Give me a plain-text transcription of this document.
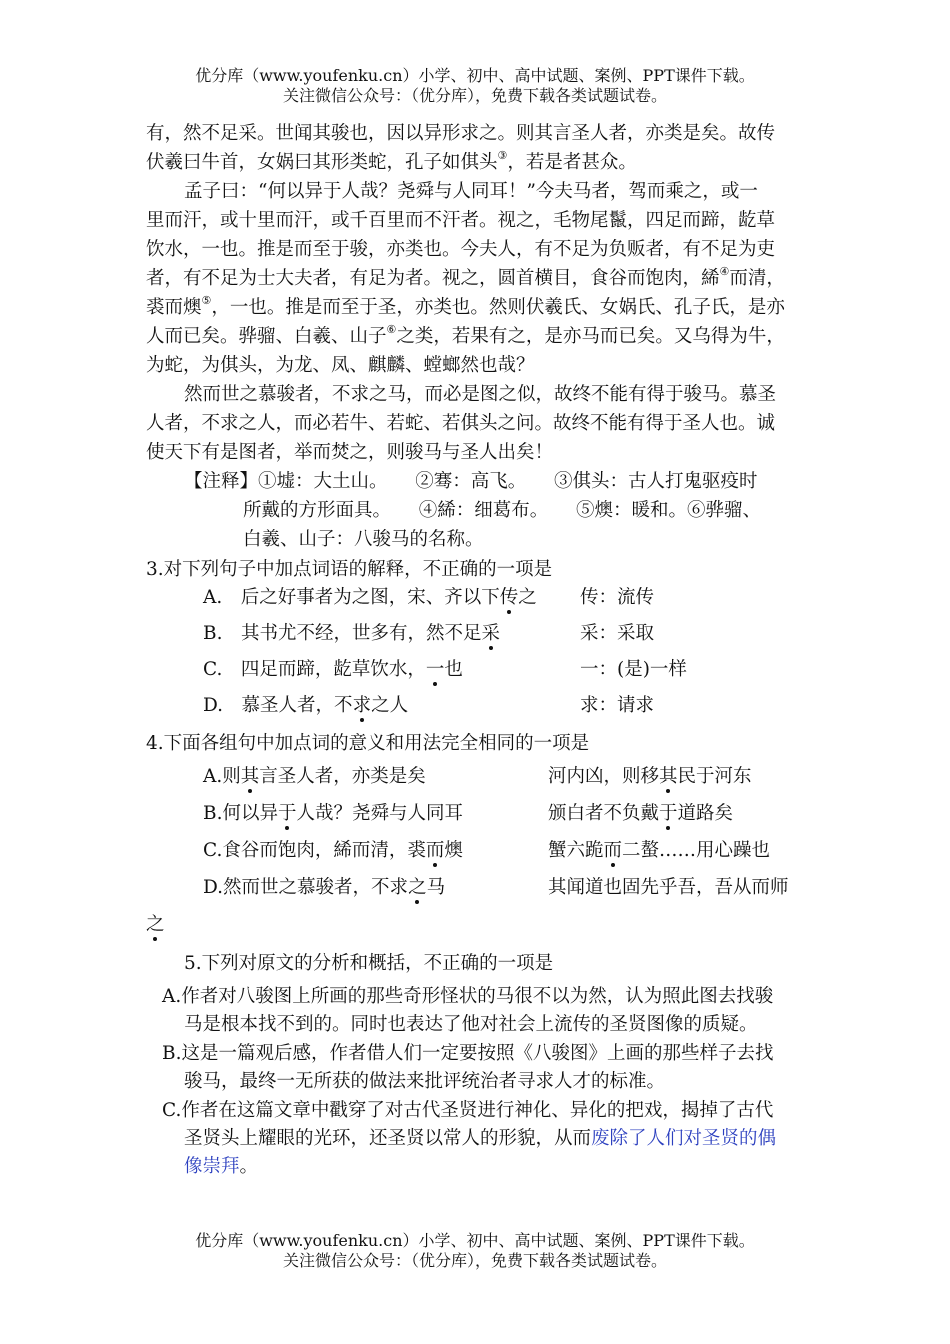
优分库（www.youfenku.cn）小学、初中、高中试题、案例、PPT课件下载。
关注微信公众号：（优分库），免费下载各类试题试卷。
有，然不足采。世闻其骏也，因以异形求之。则其言圣人者，亦类是矣。故传
伏羲曰牛首，女娲曰其形类蛇，孔子如倛头③，若是者甚众。
孟子曰：“何以异于人哉？尧舜与人同耳！”今夫马者，驾而乘之，或一
里而汗，或十里而汗，或千百里而不汗者。视之，毛物尾鬣，四足而蹄，龁草
饮水，一也。推是而至于骏，亦类也。今夫人，有不足为负贩者，有不足为吏
者，有不足为士大夫者，有足为者。视之，圆首横目，食谷而饱肉，絺④而清，
裘而燠⑤，一也。推是而至于圣，亦类也。然则伏羲氏、女娲氏、孔子氏，是亦
人而已矣。骅骝、白羲、山子⑥之类，若果有之，是亦马而已矣。又乌得为牛，
为蛇，为倛头，为龙、凤、麒麟、螳螂然也哉？
然而世之慕骏者，不求之马，而必是图之似，故终不能有得于骏马。慕圣
人者，不求之人，而必若牛、若蛇、若倛头之问。故终不能有得于圣人也。诚
使天下有是图者，举而焚之，则骏马与圣人出矣！
【注释】①墟：大土山。　　②骞：高飞。　　③倛头：古人打鬼驱疫时
所戴的方形面具。　　④絺：细葛布。　　⑤燠：暖和。⑥骅骝、
白羲、山子：八骏马的名称。
3.对下列句子中加点词语的解释，不正确的一项是
A.　后之好事者为之图，宋、齐以下传之 传：流传
B.　其书尤不经，世多有，然不足采	采：采取
C.　四足而蹄，龁草饮水，一也	一：(是)一样
D.　慕圣人者，不求之人	求：请求
4.下面各组句中加点词的意义和用法完全相同的一项是
A.则其言圣人者，亦类是矣	河内凶，则移其民于河东
B.何以异于人哉？尧舜与人同耳	颁白者不负戴于道路矣
C.食谷而饱肉，絺而清，裘而燠	蟹六跪而二螯……用心躁也
D.然而世之慕骏者，不求之马	其闻道也固先乎吾，吾从而师
之
5.下列对原文的分析和概括，不正确的一项是
A.作者对八骏图上所画的那些奇形怪状的马很不以为然，认为照此图去找骏
马是根本找不到的。同时也表达了他对社会上流传的圣贤图像的质疑。
B.这是一篇观后感，作者借人们一定要按照《八骏图》上画的那些样子去找
骏马，最终一无所获的做法来批评统治者寻求人才的标准。
C.作者在这篇文章中戳穿了对古代圣贤进行神化、异化的把戏，揭掉了古代
圣贤头上耀眼的光环，还圣贤以常人的形貌，从而废除了人们对圣贤的偶
像崇拜。
优分库（www.youfenku.cn）小学、初中、高中试题、案例、PPT课件下载。
关注微信公众号：（优分库），免费下载各类试题试卷。
